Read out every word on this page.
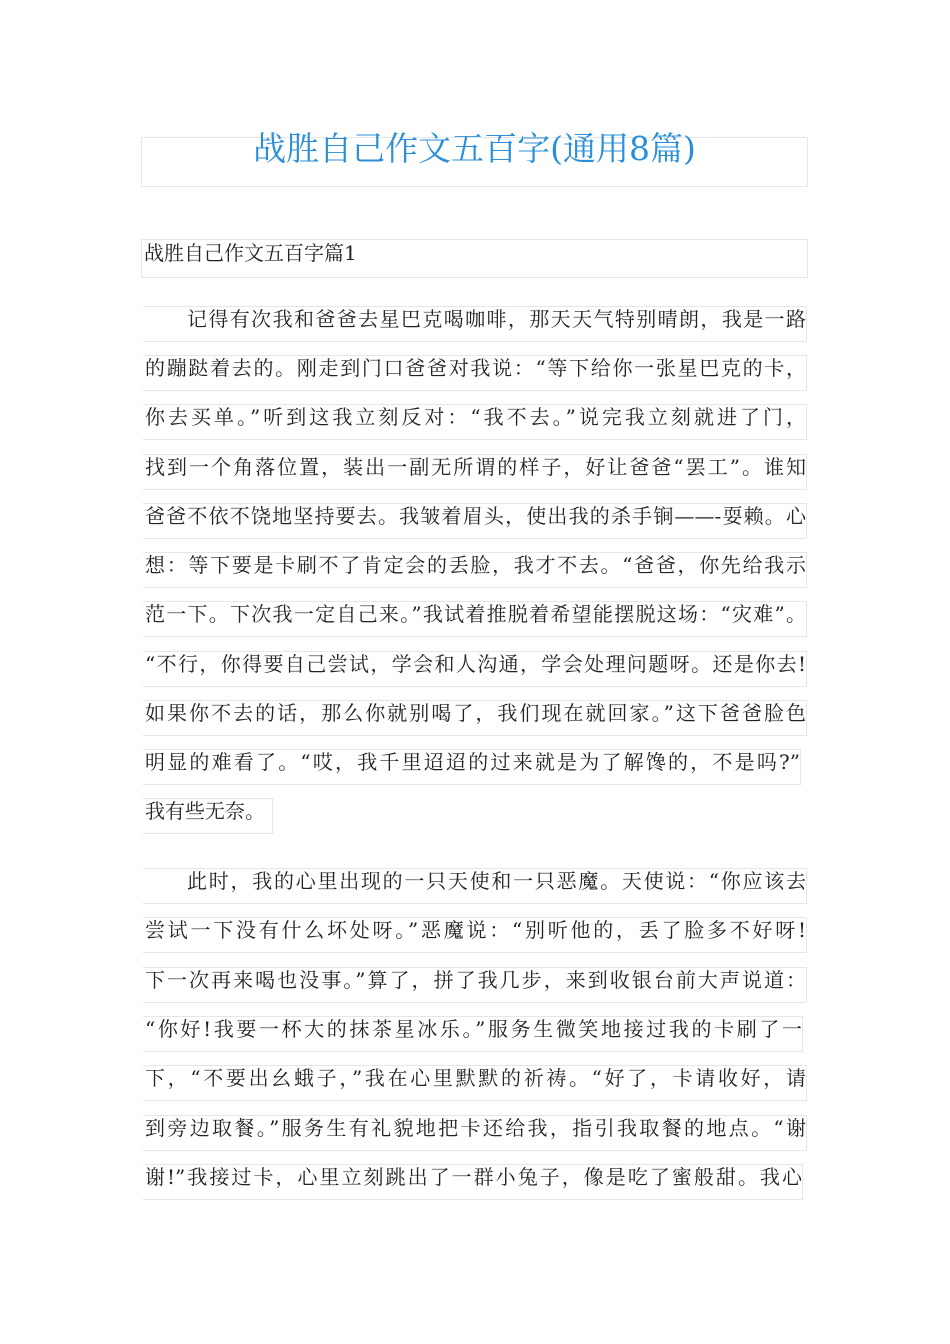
战胜自己作文五百字(通用8篇)
战胜自己作文五百字篇1
记得有次我和爸爸去星巴克喝咖啡，那天天气特别晴朗，我是一路
的蹦跶着去的。刚走到门口爸爸对我说：“等下给你一张星巴克的卡，
你去买单。”听到这我立刻反对：“我不去。”说完我立刻就进了门，
找到一个角落位置，装出一副无所谓的样子，好让爸爸“罢工”。谁知
爸爸不依不饶地坚持要去。我皱着眉头，使出我的杀手锏——-耍赖。心
想：等下要是卡刷不了肯定会的丢脸，我才不去。“爸爸，你先给我示
范一下。下次我一定自己来。”我试着推脱着希望能摆脱这场：“灾难”。
“不行，你得要自己尝试，学会和人沟通，学会处理问题呀。还是你去!
如果你不去的话，那么你就别喝了，我们现在就回家。”这下爸爸脸色
明显的难看了。“哎，我千里迢迢的过来就是为了解馋的，不是吗?”
我有些无奈。
此时，我的心里出现的一只天使和一只恶魔。天使说：“你应该去
尝试一下没有什么坏处呀。”恶魔说：“别听他的，丢了脸多不好呀!
下一次再来喝也没事。”算了，拼了我几步，来到收银台前大声说道：
“你好!我要一杯大的抹茶星冰乐。”服务生微笑地接过我的卡刷了一
下，“不要出幺蛾子，”我在心里默默的祈祷。“好了，卡请收好，请
到旁边取餐。”服务生有礼貌地把卡还给我，指引我取餐的地点。“谢
谢!”我接过卡，心里立刻跳出了一群小兔子，像是吃了蜜般甜。我心
